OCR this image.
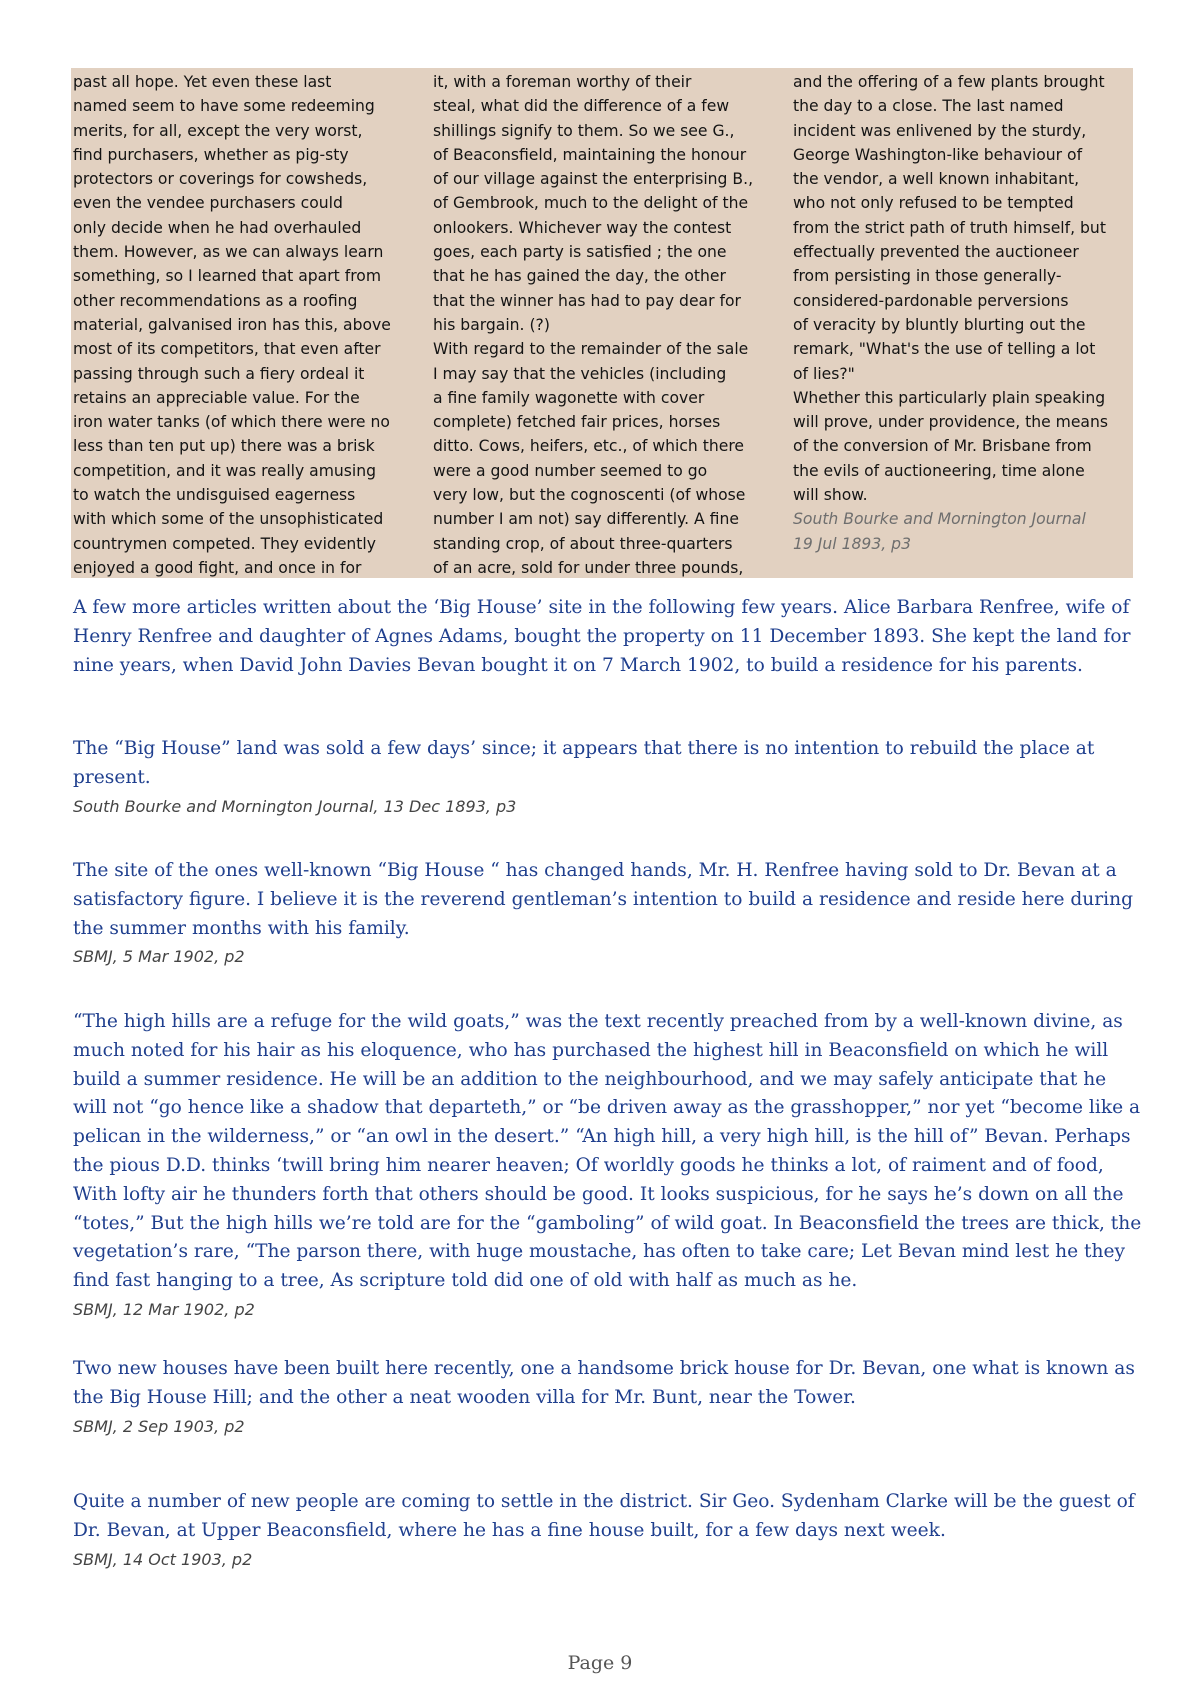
past all hope. Yet even these last
named seem to have some redeeming
merits, for all, except the very worst,
find purchasers, whether as pig-sty
protectors or coverings for cowsheds,
even the vendee purchasers could
only decide when he had overhauled
them. However, as we can always learn
something, so I learned that apart from
other recommendations as a roofing
material, galvanised iron has this, above
most of its competitors, that even after
passing through such a fiery ordeal it
retains an appreciable value. For the
iron water tanks (of which there were no
less than ten put up) there was a brisk
competition, and it was really amusing
to watch the undisguised eagerness
with which some of the unsophisticated
countrymen competed. They evidently
enjoyed a good fight, and once in for
it, with a foreman worthy of their
steal, what did the difference of a few
shillings signify to them. So we see G.,
of Beaconsfield, maintaining the honour
of our village against the enterprising B.,
of Gembrook, much to the delight of the
onlookers. Whichever way the contest
goes, each party is satisfied ; the one
that he has gained the day, the other
that the winner has had to pay dear for
his bargain. (?)
With regard to the remainder of the sale
I may say that the vehicles (including
a fine family wagonette with cover
complete) fetched fair prices, horses
ditto. Cows, heifers, etc., of which there
were a good number seemed to go
very low, but the cognoscenti (of whose
number I am not) say differently. A fine
standing crop, of about three-quarters
of an acre, sold for under three pounds,
and the offering of a few plants brought
the day to a close. The last named
incident was enlivened by the sturdy,
George Washington-like behaviour of
the vendor, a well known inhabitant,
who not only refused to be tempted
from the strict path of truth himself, but
effectually prevented the auctioneer
from persisting in those generally-
considered-pardonable perversions
of veracity by bluntly blurting out the
remark, "What's the use of telling a lot
of lies?"
Whether this particularly plain speaking
will prove, under providence, the means
of the conversion of Mr. Brisbane from
the evils of auctioneering, time alone
will show.
South Bourke and Mornington Journal
19 Jul 1893, p3

A few more articles written about the ‘Big House’ site in the following few years. Alice Barbara Renfree, wife of
Henry Renfree and daughter of Agnes Adams, bought the property on 11 December 1893. She kept the land for
nine years, when David John Davies Bevan bought it on 7 March 1902, to build a residence for his parents.

The “Big House” land was sold a few days’ since; it appears that there is no intention to rebuild the place at
present.

South Bourke and Mornington Journal, 13 Dec 1893, p3

The site of the ones well-known “Big House “ has changed hands, Mr. H. Renfree having sold to Dr. Bevan at a
satisfactory figure. I believe it is the reverend gentleman’s intention to build a residence and reside here during
the summer months with his family.

SBMJ, 5 Mar 1902, p2

“The high hills are a refuge for the wild goats,” was the text recently preached from by a well-known divine, as
much noted for his hair as his eloquence, who has purchased the highest hill in Beaconsfield on which he will
build a summer residence. He will be an addition to the neighbourhood, and we may safely anticipate that he
will not “go hence like a shadow that departeth,” or “be driven away as the grasshopper,” nor yet “become like a
pelican in the wilderness,” or “an owl in the desert.” “An high hill, a very high hill, is the hill of” Bevan. Perhaps
the pious D.D. thinks ‘twill bring him nearer heaven; Of worldly goods he thinks a lot, of raiment and of food,
With lofty air he thunders forth that others should be good. It looks suspicious, for he says he’s down on all the
“totes,” But the high hills we’re told are for the “gamboling” of wild goat. In Beaconsfield the trees are thick, the
vegetation’s rare, “The parson there, with huge moustache, has often to take care; Let Bevan mind lest he they
find fast hanging to a tree, As scripture told did one of old with half as much as he.

SBMJ, 12 Mar 1902, p2

Two new houses have been built here recently, one a handsome brick house for Dr. Bevan, one what is known as
the Big House Hill; and the other a neat wooden villa for Mr. Bunt, near the Tower.

SBMJ, 2 Sep 1903, p2

Quite a number of new people are coming to settle in the district. Sir Geo. Sydenham Clarke will be the guest of
Dr. Bevan, at Upper Beaconsfield, where he has a fine house built, for a few days next week.

SBMJ, 14 Oct 1903, p2

Page 9
